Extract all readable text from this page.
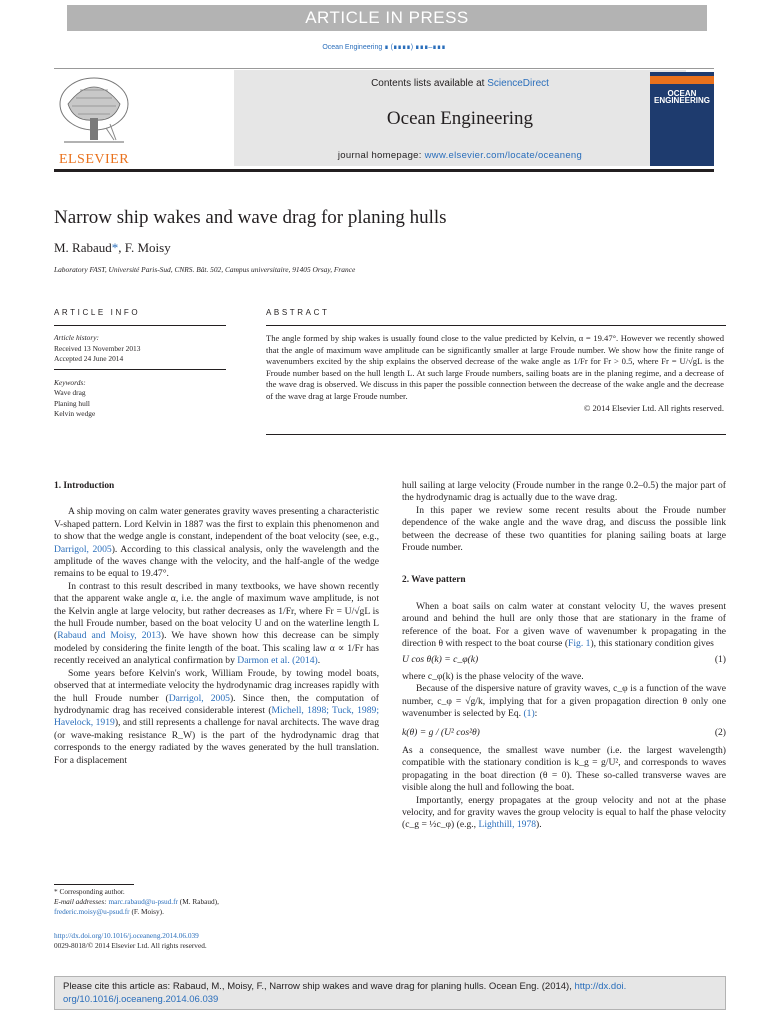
ARTICLE IN PRESS
Ocean Engineering ∎ (∎∎∎∎) ∎∎∎–∎∎∎
ELSEVIER
Contents lists available at ScienceDirect
Ocean Engineering
journal homepage: www.elsevier.com/locate/oceaneng
OCEAN ENGINEERING
Narrow ship wakes and wave drag for planing hulls
M. Rabaud*, F. Moisy
Laboratory FAST, Université Paris-Sud, CNRS. Bât. 502, Campus universitaire, 91405 Orsay, France
ARTICLE INFO	ABSTRACT
Article history:
Received 13 November 2013
Accepted 24 June 2014
Keywords:
Wave drag
Planing hull
Kelvin wedge
The angle formed by ship wakes is usually found close to the value predicted by Kelvin, α = 19.47°. However we recently showed that the angle of maximum wave amplitude can be significantly smaller at large Froude number. We show how the finite range of wavenumbers excited by the ship explains the observed decrease of the wake angle as 1/Fr for Fr > 0.5, where Fr = U/√gL is the Froude number based on the hull length L. At such large Froude numbers, sailing boats are in the planing regime, and a decrease of the wave drag is observed. We discuss in this paper the possible connection between the decrease of the wake angle and the decrease of the wave drag at large Froude number.
© 2014 Elsevier Ltd. All rights reserved.
1. Introduction

A ship moving on calm water generates gravity waves presenting a characteristic V-shaped pattern. Lord Kelvin in 1887 was the first to explain this phenomenon and to show that the wedge angle is constant, independent of the boat velocity (see, e.g., Darrigol, 2005). According to this classical analysis, only the wavelength and the amplitude of the waves change with the velocity, and the half-angle of the wedge remains to be equal to 19.47°.

In contrast to this result described in many textbooks, we have shown recently that the apparent wake angle α, i.e. the angle of maximum wave amplitude, is not the Kelvin angle at large velocity, but rather decreases as 1/Fr, where Fr = U/√gL is the hull Froude number, based on the boat velocity U and on the waterline length L (Rabaud and Moisy, 2013). We have shown how this decrease can be simply modeled by considering the finite length of the boat. This scaling law α ∝ 1/Fr has recently received an analytical confirmation by Darmon et al. (2014).

Some years before Kelvin's work, William Froude, by towing model boats, observed that at intermediate velocity the hydrodynamic drag increases rapidly with the hull Froude number (Darrigol, 2005). Since then, the computation of hydrodynamic drag has received considerable interest (Michell, 1898; Tuck, 1989; Havelock, 1919), and still represents a challenge for naval architects. The wave drag (or wave-making resistance R_W) is the part of the hydrodynamic drag that corresponds to the energy radiated by the waves generated by the hull translation. For a displacement

hull sailing at large velocity (Froude number in the range 0.2–0.5) the major part of the hydrodynamic drag is actually due to the wave drag.

In this paper we review some recent results about the Froude number dependence of the wake angle and the wave drag, and discuss the possible link between the decrease of these two quantities for planing sailing boats at large Froude number.

2. Wave pattern

When a boat sails on calm water at constant velocity U, the waves present around and behind the hull are only those that are stationary in the frame of reference of the boat. For a given wave of wavenumber k propagating in the direction θ with respect to the boat course (Fig. 1), this stationary condition gives

U cos θ(k) = c_φ(k)	(1)

where c_φ(k) is the phase velocity of the wave.

Because of the dispersive nature of gravity waves, c_φ is a function of the wave number, c_φ = √g/k, implying that for a given propagation direction θ only one wavenumber is selected by Eq. (1):

k(θ) = g / (U² cos²θ)	(2)

As a consequence, the smallest wave number (i.e. the largest wavelength) compatible with the stationary condition is k_g = g/U², and corresponds to waves propagating in the boat direction (θ = 0). These so-called transverse waves are visible along the hull and following the boat.

Importantly, energy propagates at the group velocity and not at the phase velocity, and for gravity waves the group velocity is equal to half the phase velocity (c_g = ½c_φ) (e.g., Lighthill, 1978).

* Corresponding author.
E-mail addresses: marc.rabaud@u-psud.fr (M. Rabaud),
frederic.moisy@u-psud.fr (F. Moisy).
http://dx.doi.org/10.1016/j.oceaneng.2014.06.039
0029-8018/© 2014 Elsevier Ltd. All rights reserved.
Please cite this article as: Rabaud, M., Moisy, F., Narrow ship wakes and wave drag for planing hulls. Ocean Eng. (2014), http://dx.doi.
org/10.1016/j.oceaneng.2014.06.039
